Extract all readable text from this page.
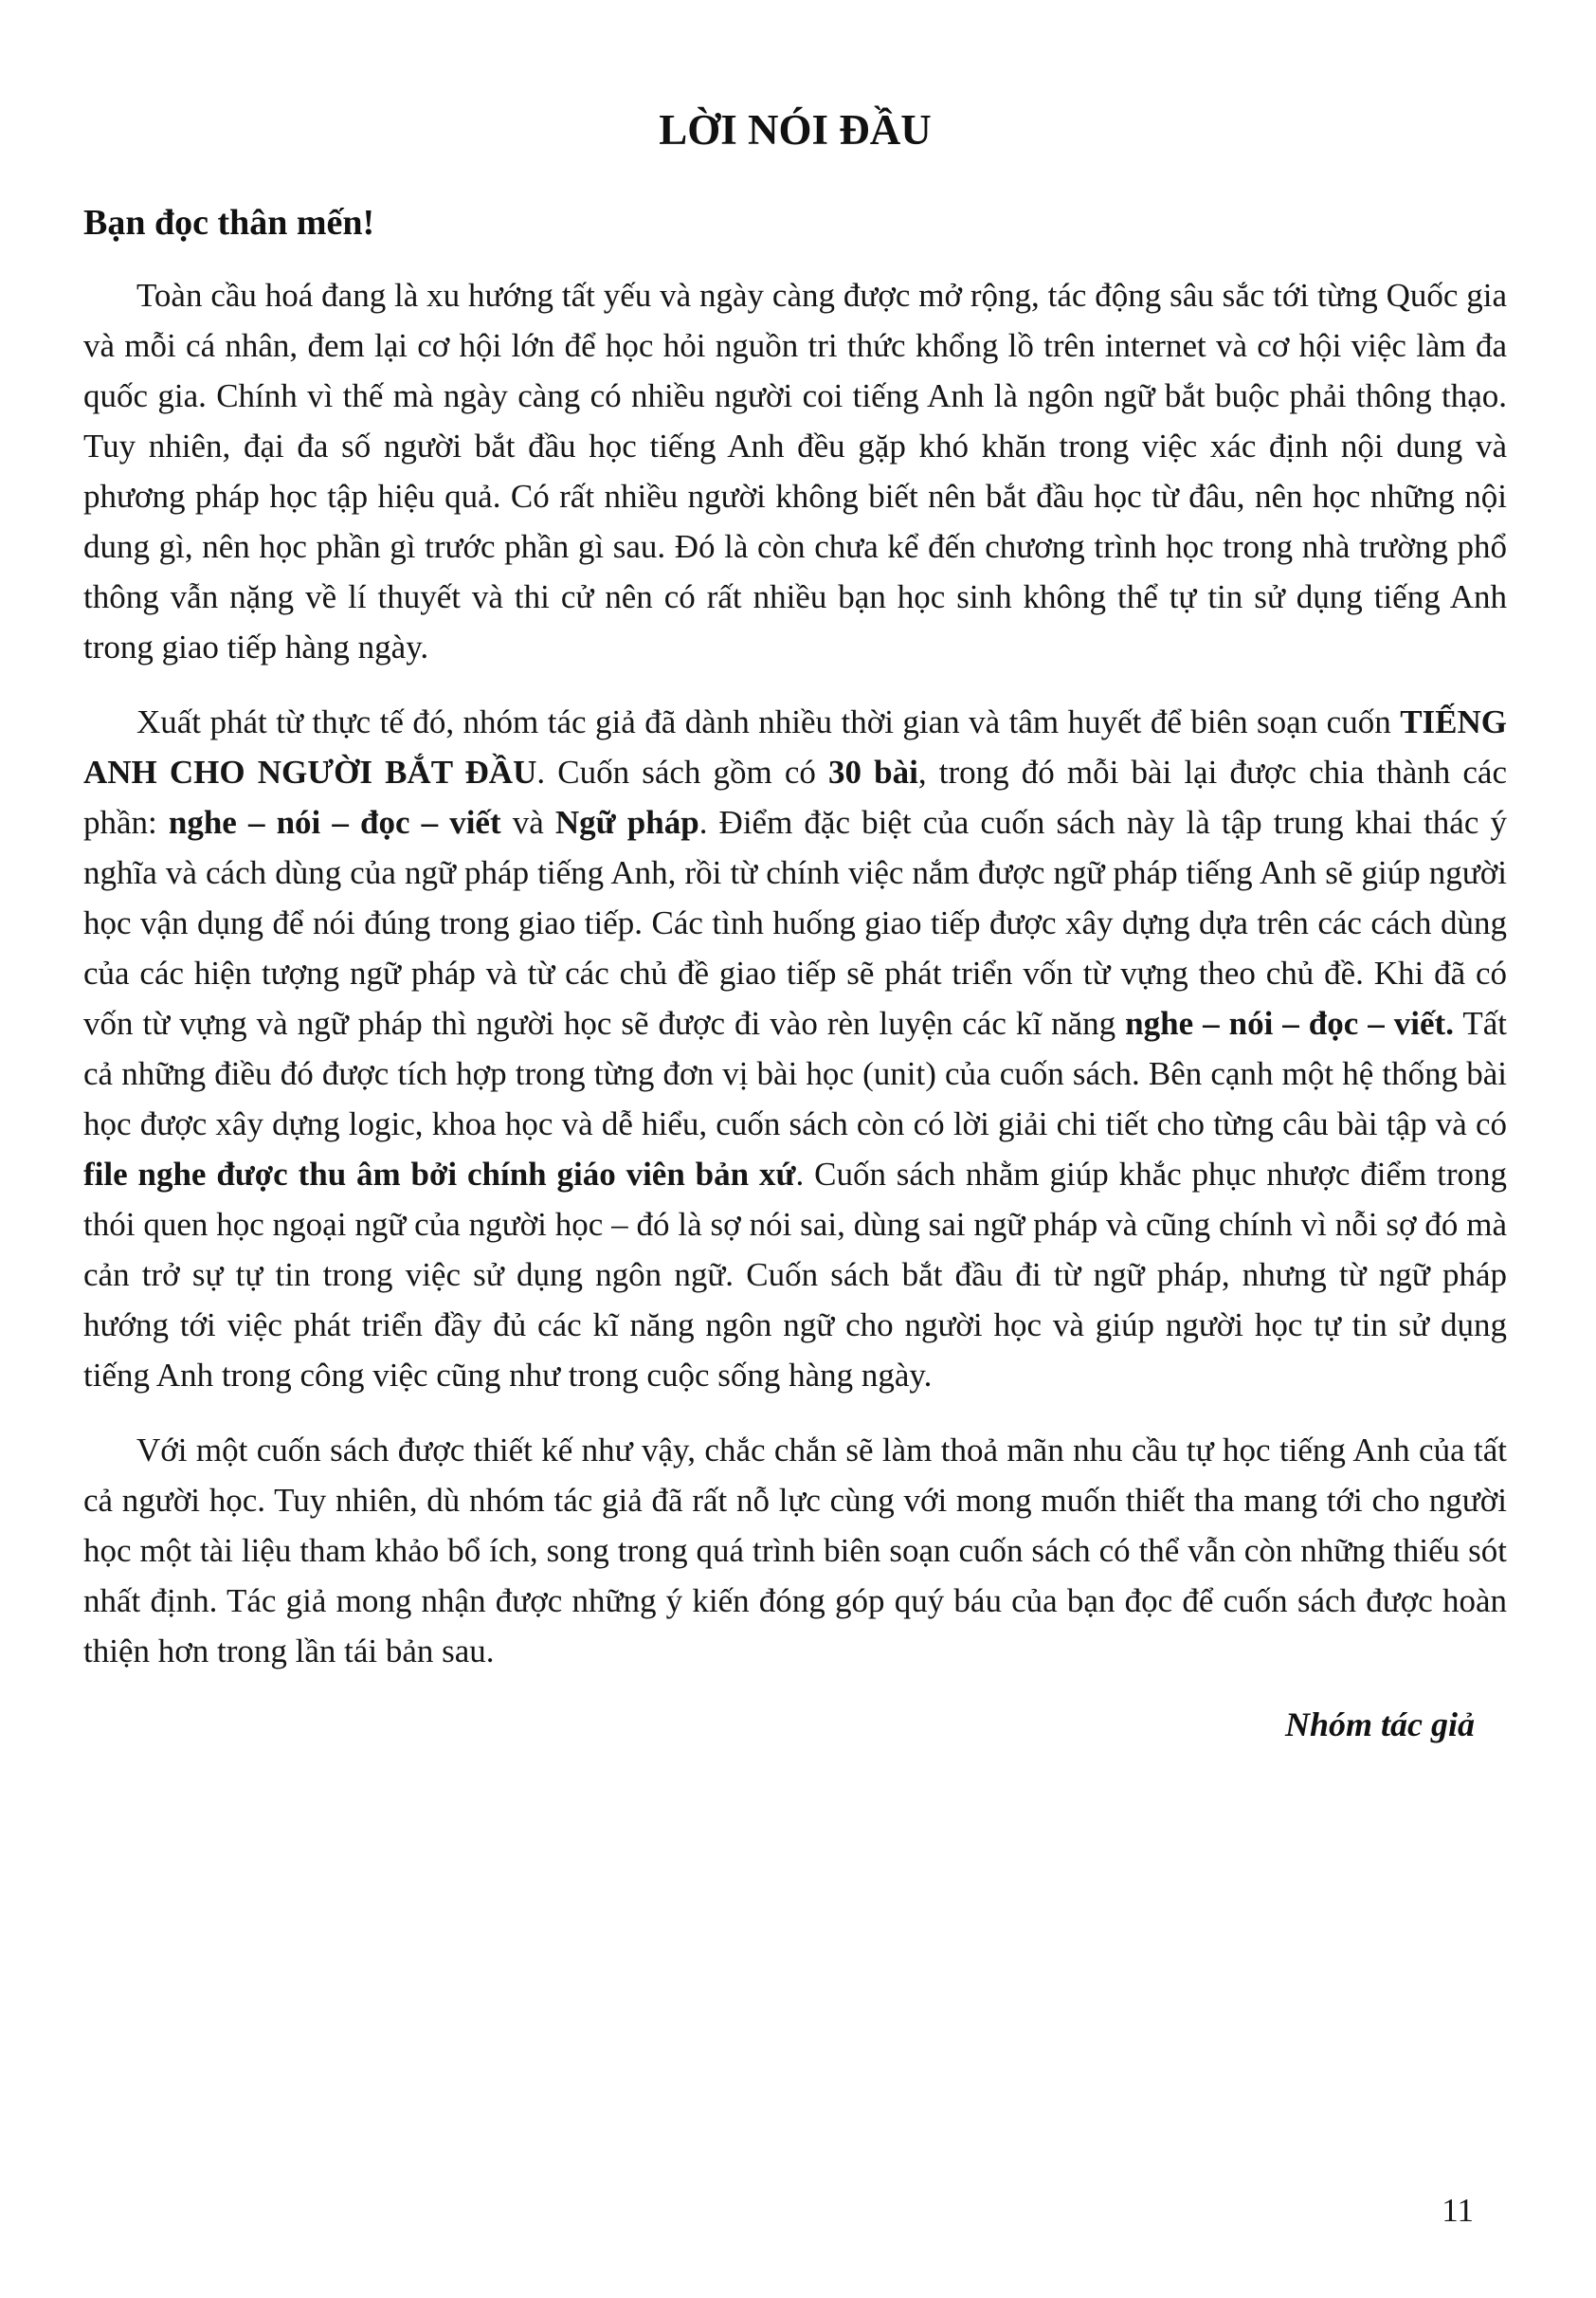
LỜI NÓI ĐẦU

Bạn đọc thân mến!

Toàn cầu hoá đang là xu hướng tất yếu và ngày càng được mở rộng, tác động sâu sắc tới từng Quốc gia và mỗi cá nhân, đem lại cơ hội lớn để học hỏi nguồn tri thức khổng lồ trên internet và cơ hội việc làm đa quốc gia. Chính vì thế mà ngày càng có nhiều người coi tiếng Anh là ngôn ngữ bắt buộc phải thông thạo. Tuy nhiên, đại đa số người bắt đầu học tiếng Anh đều gặp khó khăn trong việc xác định nội dung và phương pháp học tập hiệu quả. Có rất nhiều người không biết nên bắt đầu học từ đâu, nên học những nội dung gì, nên học phần gì trước phần gì sau. Đó là còn chưa kể đến chương trình học trong nhà trường phổ thông vẫn nặng về lí thuyết và thi cử nên có rất nhiều bạn học sinh không thể tự tin sử dụng tiếng Anh trong giao tiếp hàng ngày.

Xuất phát từ thực tế đó, nhóm tác giả đã dành nhiều thời gian và tâm huyết để biên soạn cuốn TIẾNG ANH CHO NGƯỜI BẮT ĐẦU. Cuốn sách gồm có 30 bài, trong đó mỗi bài lại được chia thành các phần: nghe – nói – đọc – viết và Ngữ pháp. Điểm đặc biệt của cuốn sách này là tập trung khai thác ý nghĩa và cách dùng của ngữ pháp tiếng Anh, rồi từ chính việc nắm được ngữ pháp tiếng Anh sẽ giúp người học vận dụng để nói đúng trong giao tiếp. Các tình huống giao tiếp được xây dựng dựa trên các cách dùng của các hiện tượng ngữ pháp và từ các chủ đề giao tiếp sẽ phát triển vốn từ vựng theo chủ đề. Khi đã có vốn từ vựng và ngữ pháp thì người học sẽ được đi vào rèn luyện các kĩ năng nghe – nói – đọc – viết. Tất cả những điều đó được tích hợp trong từng đơn vị bài học (unit) của cuốn sách. Bên cạnh một hệ thống bài học được xây dựng logic, khoa học và dễ hiểu, cuốn sách còn có lời giải chi tiết cho từng câu bài tập và có file nghe được thu âm bởi chính giáo viên bản xứ. Cuốn sách nhằm giúp khắc phục nhược điểm trong thói quen học ngoại ngữ của người học – đó là sợ nói sai, dùng sai ngữ pháp và cũng chính vì nỗi sợ đó mà cản trở sự tự tin trong việc sử dụng ngôn ngữ. Cuốn sách bắt đầu đi từ ngữ pháp, nhưng từ ngữ pháp hướng tới việc phát triển đầy đủ các kĩ năng ngôn ngữ cho người học và giúp người học tự tin sử dụng tiếng Anh trong công việc cũng như trong cuộc sống hàng ngày.

Với một cuốn sách được thiết kế như vậy, chắc chắn sẽ làm thoả mãn nhu cầu tự học tiếng Anh của tất cả người học. Tuy nhiên, dù nhóm tác giả đã rất nỗ lực cùng với mong muốn thiết tha mang tới cho người học một tài liệu tham khảo bổ ích, song trong quá trình biên soạn cuốn sách có thể vẫn còn những thiếu sót nhất định. Tác giả mong nhận được những ý kiến đóng góp quý báu của bạn đọc để cuốn sách được hoàn thiện hơn trong lần tái bản sau.

Nhóm tác giả

11
